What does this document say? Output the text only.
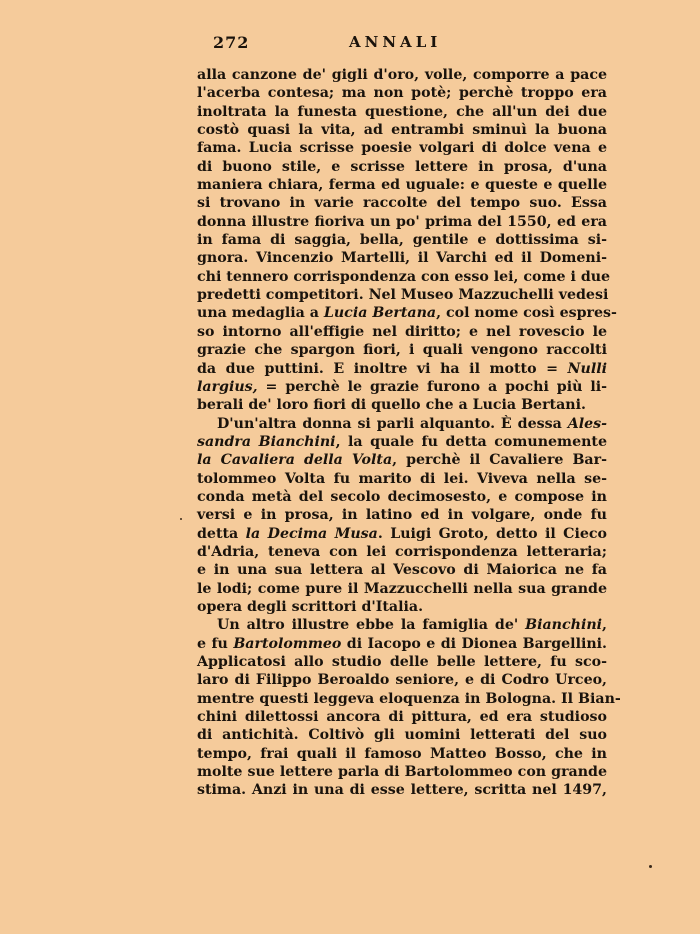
272	ANNALI
alla canzone de' gigli d'oro, volle, comporre a pace
l'acerba contesa; ma non potè; perchè troppo era
inoltrata la funesta questione, che all'un dei due
costò quasi la vita, ad entrambi sminuì la buona
fama. Lucia scrisse poesie volgari di dolce vena e
di buono stile, e scrisse lettere in prosa, d'una
maniera chiara, ferma ed uguale: e queste e quelle
si trovano in varie raccolte del tempo suo. Essa
donna illustre fioriva un po' prima del 1550, ed era
in fama di saggia, bella, gentile e dottissima si-
gnora. Vincenzio Martelli, il Varchi ed il Domeni-
chi tennero corrispondenza con esso lei, come i due
predetti competitori. Nel Museo Mazzuchelli vedesi
una medaglia a Lucia Bertana, col nome così espres-
so intorno all'effigie nel diritto; e nel rovescio le
grazie che spargon fiori, i quali vengono raccolti
da due puttini. E inoltre vi ha il motto = Nulli
largius, = perchè le grazie furono a pochi più li-
berali de' loro fiori di quello che a Lucia Bertani.
D'un'altra donna si parli alquanto. È dessa Ales-
sandra Bianchini, la quale fu detta comunemente
la Cavaliera della Volta, perchè il Cavaliere Bar-
tolommeo Volta fu marito di lei. Viveva nella se-
conda metà del secolo decimosesto, e compose in
versi e in prosa, in latino ed in volgare, onde fu
detta la Decima Musa. Luigi Groto, detto il Cieco
d'Adria, teneva con lei corrispondenza letteraria;
e in una sua lettera al Vescovo di Maiorica ne fa
le lodi; come pure il Mazzucchelli nella sua grande
opera degli scrittori d'Italia.
Un altro illustre ebbe la famiglia de' Bianchini,
e fu Bartolommeo di Iacopo e di Dionea Bargellini.
Applicatosi allo studio delle belle lettere, fu sco-
laro di Filippo Beroaldo seniore, e di Codro Urceo,
mentre questi leggeva eloquenza in Bologna. Il Bian-
chini dilettossi ancora di pittura, ed era studioso
di antichità. Coltivò gli uomini letterati del suo
tempo, frai quali il famoso Matteo Bosso, che in
molte sue lettere parla di Bartolommeo con grande
stima. Anzi in una di esse lettere, scritta nel 1497,
